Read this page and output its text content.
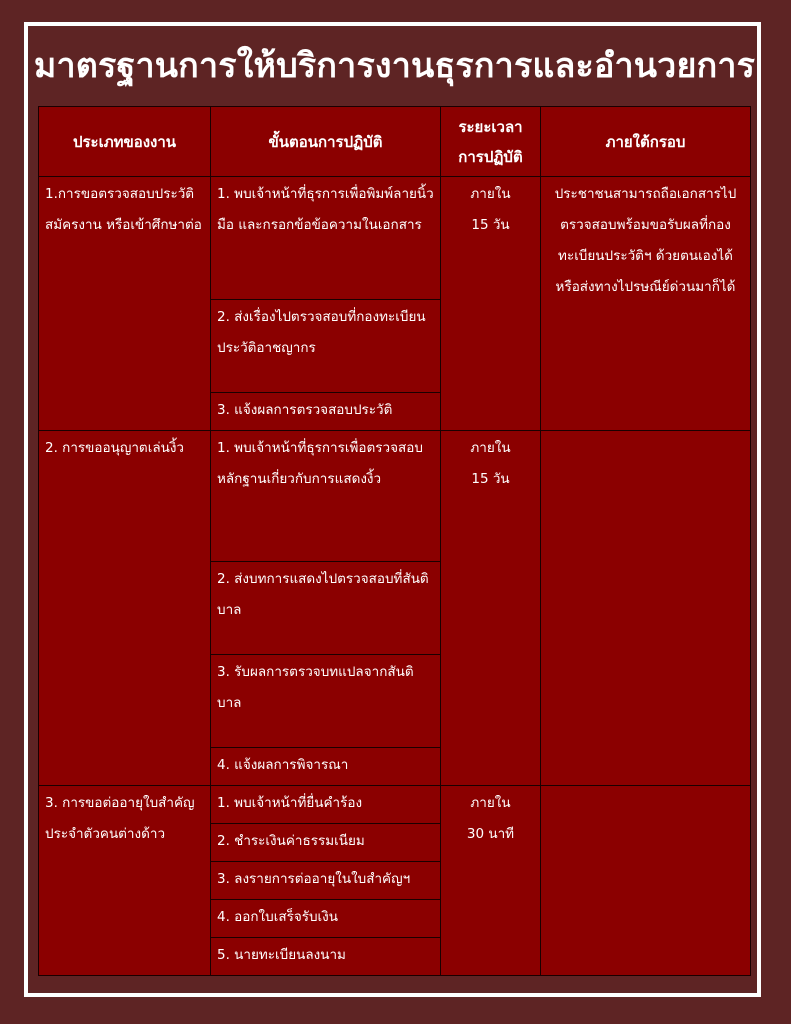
มาตรฐานการให้บริการงานธุรการและอำนวยการ
ประเภทของงาน	ขั้นตอนการปฏิบัติ	ระยะเวลา การปฏิบัติ	ภายใต้กรอบ
1.การขอตรวจสอบประวัติสมัครงาน หรือเข้าศึกษาต่อ	1. พบเจ้าหน้าที่ธุรการเพื่อพิมพ์ลายนิ้วมือ และกรอกข้อข้อความในเอกสาร	ภายใน
15 วัน	ประชาชนสามารถถือเอกสารไปตรวจสอบพร้อมขอรับผลที่กองทะเบียนประวัติฯ ด้วยตนเองได้ หรือส่งทางไปรษณีย์ด่วนมาก็ได้
	2. ส่งเรื่องไปตรวจสอบที่กองทะเบียน ประวัติอาชญากร		
	3. แจ้งผลการตรวจสอบประวัติ		
2. การขออนุญาตเล่นงิ้ว	1. พบเจ้าหน้าที่ธุรการเพื่อตรวจสอบ หลักฐานเกี่ยวกับการแสดงงิ้ว	ภายใน
15 วัน	
	2. ส่งบทการแสดงไปตรวจสอบที่สันติบาล		
	3. รับผลการตรวจบทแปลจากสันติบาล		
	4. แจ้งผลการพิจารณา		
3. การขอต่ออายุใบสำคัญประจำตัวคนต่างด้าว	1. พบเจ้าหน้าที่ยื่นคำร้อง	ภายใน
30 นาที	
	2. ชำระเงินค่าธรรมเนียม		
	3. ลงรายการต่ออายุในใบสำคัญฯ		
	4. ออกใบเสร็จรับเงิน		
	5. นายทะเบียนลงนาม		
